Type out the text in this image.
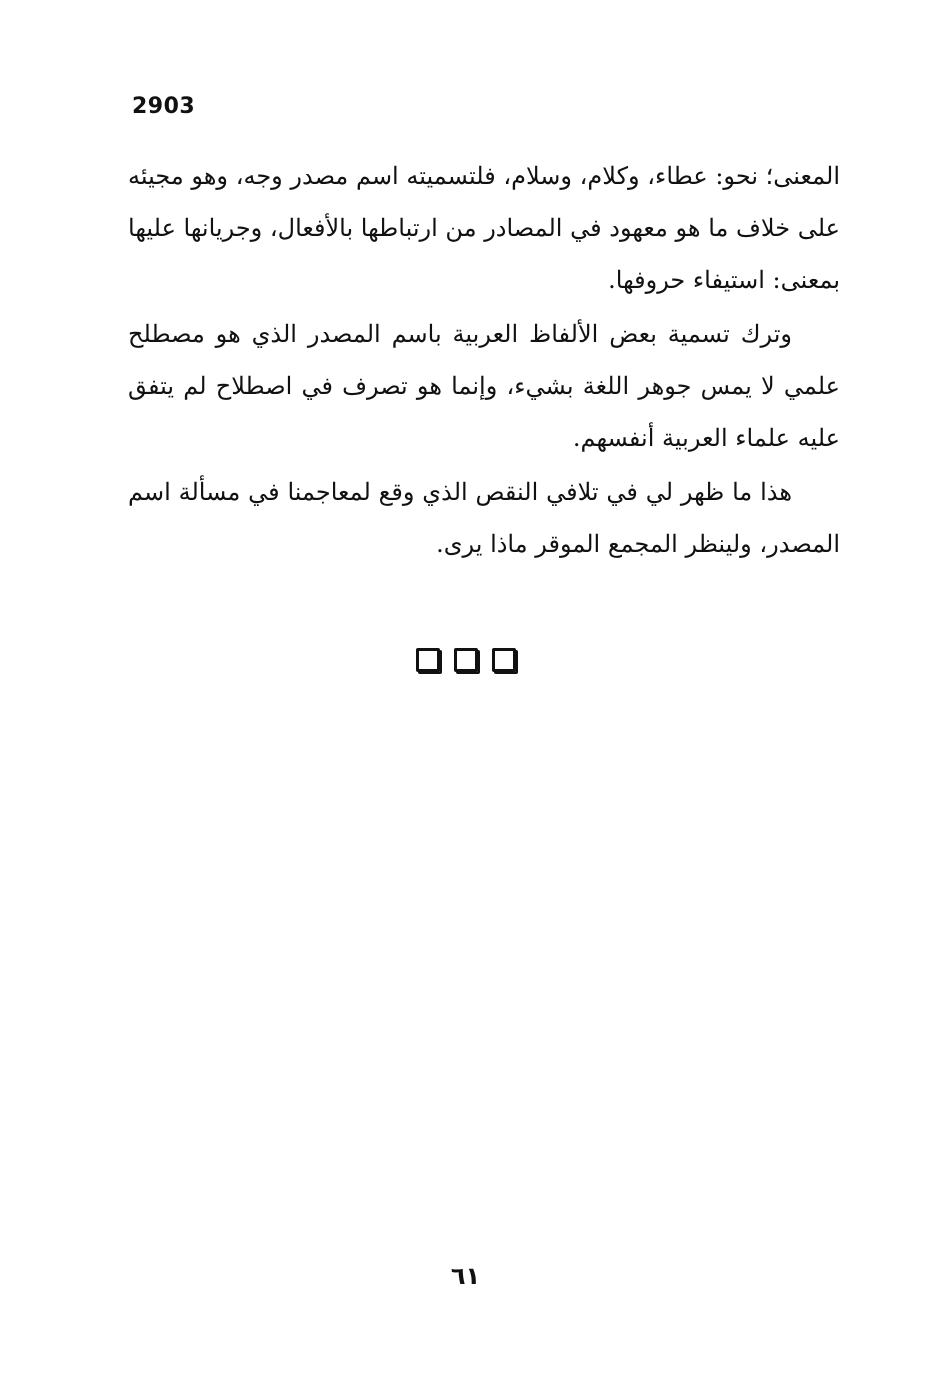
2903

المعنى؛ نحو: عطاء، وكلام، وسلام، فلتسميته اسم مصدر وجه، وهو مجيئه على خلاف ما هو معهود في المصادر من ارتباطها بالأفعال، وجريانها عليها بمعنى: استيفاء حروفها.

وترك تسمية بعض الألفاظ العربية باسم المصدر الذي هو مصطلح علمي لا يمس جوهر اللغة بشيء، وإنما هو تصرف في اصطلاح لم يتفق عليه علماء العربية أنفسهم.

هذا ما ظهر لي في تلافي النقص الذي وقع لمعاجمنا في مسألة اسم المصدر، ولينظر المجمع الموقر ماذا يرى.

٦١
